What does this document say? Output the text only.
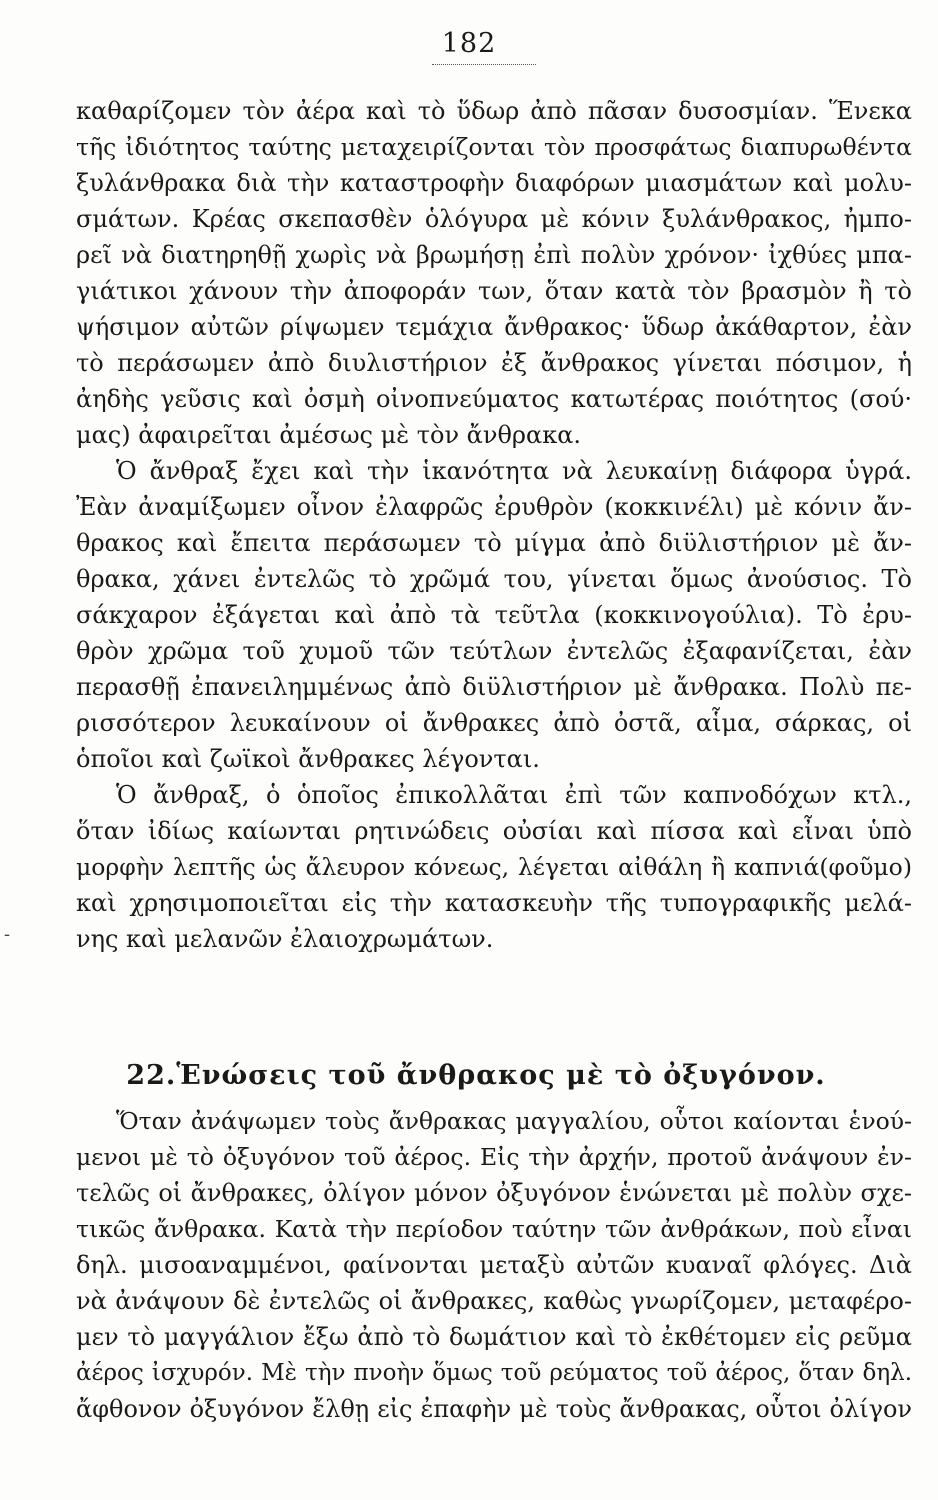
182
-
καθαρίζομεν τὸν ἀέρα καὶ τὸ ὕδωρ ἀπὸ πᾶσαν δυσοσμίαν. Ἕνεκα
τῆς ἰδιότητος ταύτης μεταχειρίζονται τὸν προσφάτως διαπυρωθέντα
ξυλάνθρακα διὰ τὴν καταστροφὴν διαφόρων μιασμάτων καὶ μολυ-
σμάτων. Κρέας σκεπασθὲν ὁλόγυρα μὲ κόνιν ξυλάνθρακος, ἠμπο-
ρεῖ νὰ διατηρηθῇ χωρὶς νὰ βρωμήσῃ ἐπὶ πολὺν χρόνον· ἰχθύες μπα-
γιάτικοι χάνουν τὴν ἀποφοράν των, ὅταν κατὰ τὸν βρασμὸν ἢ τὸ
ψήσιμον αὐτῶν ρίψωμεν τεμάχια ἄνθρακος· ὕδωρ ἀκάθαρτον, ἐὰν
τὸ περάσωμεν ἀπὸ διυλιστήριον ἐξ ἄνθρακος γίνεται πόσιμον, ἡ
ἀηδὴς γεῦσις καὶ ὀσμὴ οἰνοπνεύματος κατωτέρας ποιότητος (σού·
μας) ἀφαιρεῖται ἀμέσως μὲ τὸν ἄνθρακα.
Ὁ ἄνθραξ ἔχει καὶ τὴν ἱκανότητα νὰ λευκαίνῃ διάφορα ὑγρά.
Ἐὰν ἀναμίξωμεν οἶνον ἐλαφρῶς ἐρυθρὸν (κοκκινέλι) μὲ κόνιν ἄν-
θρακος καὶ ἔπειτα περάσωμεν τὸ μίγμα ἀπὸ διϋλιστήριον μὲ ἄν-
θρακα, χάνει ἐντελῶς τὸ χρῶμά του, γίνεται ὅμως ἀνούσιος. Τὸ
σάκχαρον ἐξάγεται καὶ ἀπὸ τὰ τεῦτλα (κοκκινογούλια). Τὸ ἐρυ-
θρὸν χρῶμα τοῦ χυμοῦ τῶν τεύτλων ἐντελῶς ἐξαφανίζεται, ἐὰν
περασθῇ ἐπανειλημμένως ἀπὸ διϋλιστήριον μὲ ἄνθρακα. Πολὺ πε-
ρισσότερον λευκαίνουν οἱ ἄνθρακες ἀπὸ ὀστᾶ, αἷμα, σάρκας, οἱ
ὁποῖοι καὶ ζωϊκοὶ ἄνθρακες λέγονται.
Ὁ ἄνθραξ, ὁ ὁποῖος ἐπικολλᾶται ἐπὶ τῶν καπνοδόχων κτλ.,
ὅταν ἰδίως καίωνται ρητινώδεις οὐσίαι καὶ πίσσα καὶ εἶναι ὑπὸ
μορφὴν λεπτῆς ὡς ἄλευρον κόνεως, λέγεται αἰθάλη ἢ καπνιά(φοῦμο)
καὶ χρησιμοποιεῖται εἰς τὴν κατασκευὴν τῆς τυπογραφικῆς μελά-
νης καὶ μελανῶν ἐλαιοχρωμάτων.
Ὅταν ἀνάψωμεν τοὺς ἄνθρακας μαγγαλίου, οὗτοι καίονται ἑνού-
μενοι μὲ τὸ ὀξυγόνον τοῦ ἀέρος. Εἰς τὴν ἀρχήν, προτοῦ ἀνάψουν ἐν-
τελῶς οἱ ἄνθρακες, ὀλίγον μόνον ὀξυγόνον ἑνώνεται μὲ πολὺν σχε-
τικῶς ἄνθρακα. Κατὰ τὴν περίοδον ταύτην τῶν ἀνθράκων, ποὺ εἶναι
δηλ. μισοαναμμένοι, φαίνονται μεταξὺ αὐτῶν κυαναῖ φλόγες. Διὰ
νὰ ἀνάψουν δὲ ἐντελῶς οἱ ἄνθρακες, καθὼς γνωρίζομεν, μεταφέρο-
μεν τὸ μαγγάλιον ἔξω ἀπὸ τὸ δωμάτιον καὶ τὸ ἐκθέτομεν εἰς ρεῦμα
ἀέρος ἰσχυρόν. Μὲ τὴν πνοὴν ὅμως τοῦ ρεύματος τοῦ ἀέρος, ὅταν δηλ.
ἄφθονον ὀξυγόνον ἔλθῃ εἰς ἐπαφὴν μὲ τοὺς ἄνθρακας, οὗτοι ὀλίγον
22.Ἑνώσεις τοῦ ἄνθρακος μὲ τὸ ὀξυγόνον.
